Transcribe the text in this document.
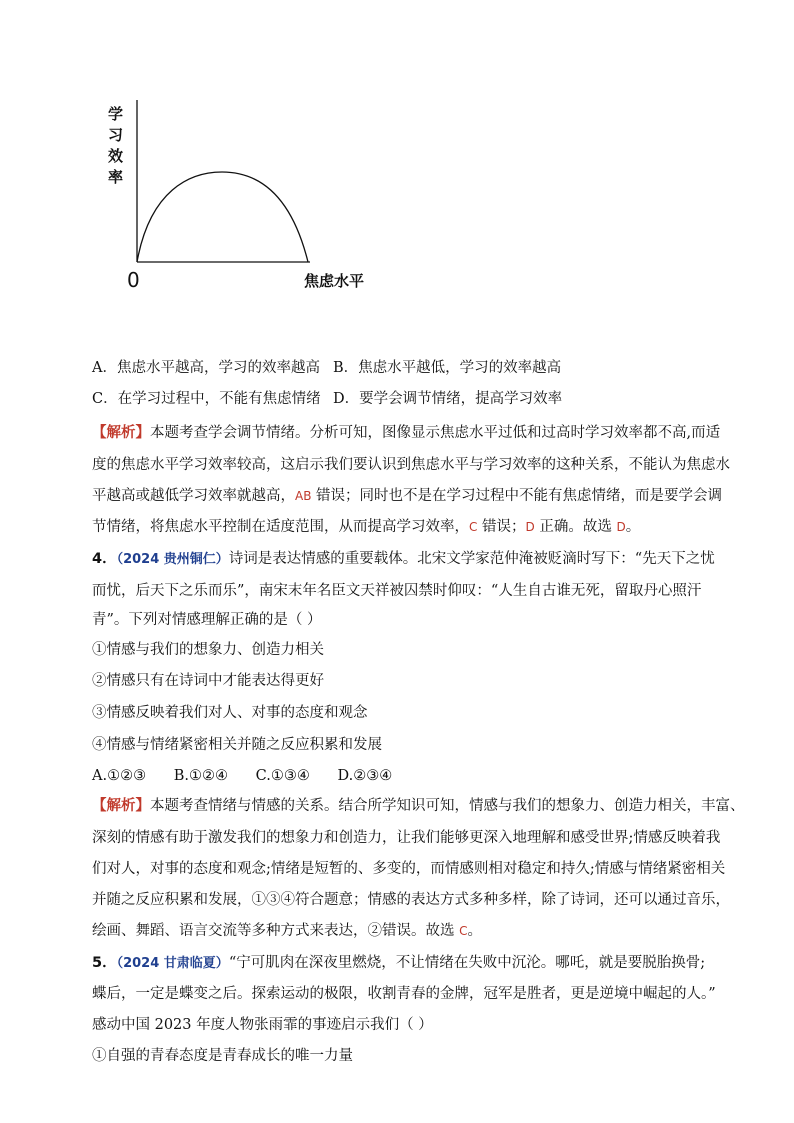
学习效率
0	焦虑水平
A．焦虑水平越高，学习的效率越高 B．焦虑水平越低，学习的效率越高
C．在学习过程中，不能有焦虑情绪 D．要学会调节情绪，提高学习效率
【解析】本题考查学会调节情绪。分析可知，图像显示焦虑水平过低和过高时学习效率都不高,而适
度的焦虑水平学习效率较高，这启示我们要认识到焦虑水平与学习效率的这种关系，不能认为焦虑水
平越高或越低学习效率就越高，AB 错误；同时也不是在学习过程中不能有焦虑情绪，而是要学会调
节情绪，将焦虑水平控制在适度范围，从而提高学习效率，C 错误；D 正确。故选 D。
4．（2024 贵州铜仁）诗词是表达情感的重要载体。北宋文学家范仲淹被贬滴时写下：“先天下之忧
而忧，后天下之乐而乐”，南宋末年名臣文天祥被囚禁时仰叹：“人生自古谁无死，留取丹心照汗
青”。下列对情感理解正确的是（ ）
①情感与我们的想象力、创造力相关
②情感只有在诗词中才能表达得更好
③情感反映着我们对人、对事的态度和观念
④情感与情绪紧密相关并随之反应积累和发展
A.①②③      B.①②④      C.①③④      D.②③④
【解析】本题考查情绪与情感的关系。结合所学知识可知，情感与我们的想象力、创造力相关，丰富、
深刻的情感有助于激发我们的想象力和创造力，让我们能够更深入地理解和感受世界;情感反映着我
们对人，对事的态度和观念;情绪是短暂的、多变的，而情感则相对稳定和持久;情感与情绪紧密相关
并随之反应积累和发展，①③④符合题意；情感的表达方式多种多样，除了诗词，还可以通过音乐，
绘画、舞蹈、语言交流等多种方式来表达，②错误。故选 C。
5．（2024 甘肃临夏）“宁可肌肉在深夜里燃烧，不让情绪在失败中沉沦。哪吒，就是要脱胎换骨;
蝶后，一定是蝶变之后。探索运动的极限，收割青春的金牌，冠军是胜者，更是逆境中崛起的人。”
感动中国 2023 年度人物张雨霏的事迹启示我们（ ）
①自强的青春态度是青春成长的唯一力量
